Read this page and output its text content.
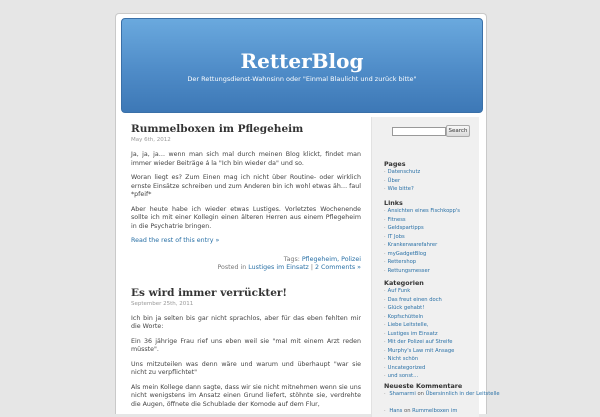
RetterBlog
Der Rettungsdienst-Wahnsinn oder "Einmal Blaulicht und zurück bitte"
Rummelboxen im Pflegeheim
May 6th, 2012

Ja, ja, ja… wenn man sich mal durch meinen Blog klickt, findet man immer wieder Beiträge á la "Ich bin wieder da" und so.

Woran liegt es? Zum Einen mag ich nicht über Routine- oder wirklich ernste Einsätze schreiben und zum Anderen bin ich wohl etwas äh… faul *pfeif*

Aber heute habe ich wieder etwas Lustiges. Vorletztes Wochenende sollte ich mit einer Kollegin einen älteren Herren aus einem Pflegeheim in die Psychatrie bringen.

Read the rest of this entry »
Tags: Pflegeheim, Polizei
Posted in Lustiges im Einsatz | 2 Comments »
Es wird immer verrückter!
September 25th, 2011

Ich bin ja selten bis gar nicht sprachlos, aber für das eben fehlten mir die Worte:

Ein 36 jährige Frau rief uns eben weil sie "mal mit einem Arzt reden müsste".

Uns mitzuteilen was denn wäre und warum und überhaupt "war sie nicht zu verpflichtet"

Als mein Kollege dann sagte, dass wir sie nicht mitnehmen wenn sie uns nicht wenigstens im Ansatz einen Grund liefert, stöhnte sie, verdrehte die Augen, öffnete die Schublade der Komode auf dem Flur,

Search
Pages
· Datenschutz
· Über
· Wie bitte?
Links
· Ansichten eines Fischkopp's
· Fitness
· Geldspartipps
· IT Jobs
· Krankenwarefahrer
· myGadgetBlog
· Rettershop
· Rettungsmesser
Kategorien
· Auf Funk
· Das freut einen doch
· Glück gehabt!
· Kopfschütteln
· Liebe Leitstelle,
· Lustiges im Einsatz
· Mit der Polizei auf Streife
· Murphy's Law mit Ansage
· Nicht schön
· Uncategorized
· und sonst…
Neueste Kommentare
· Shamarmi on Übersinnlich in der Leitstelle
· Hans on Rummelboxen im
